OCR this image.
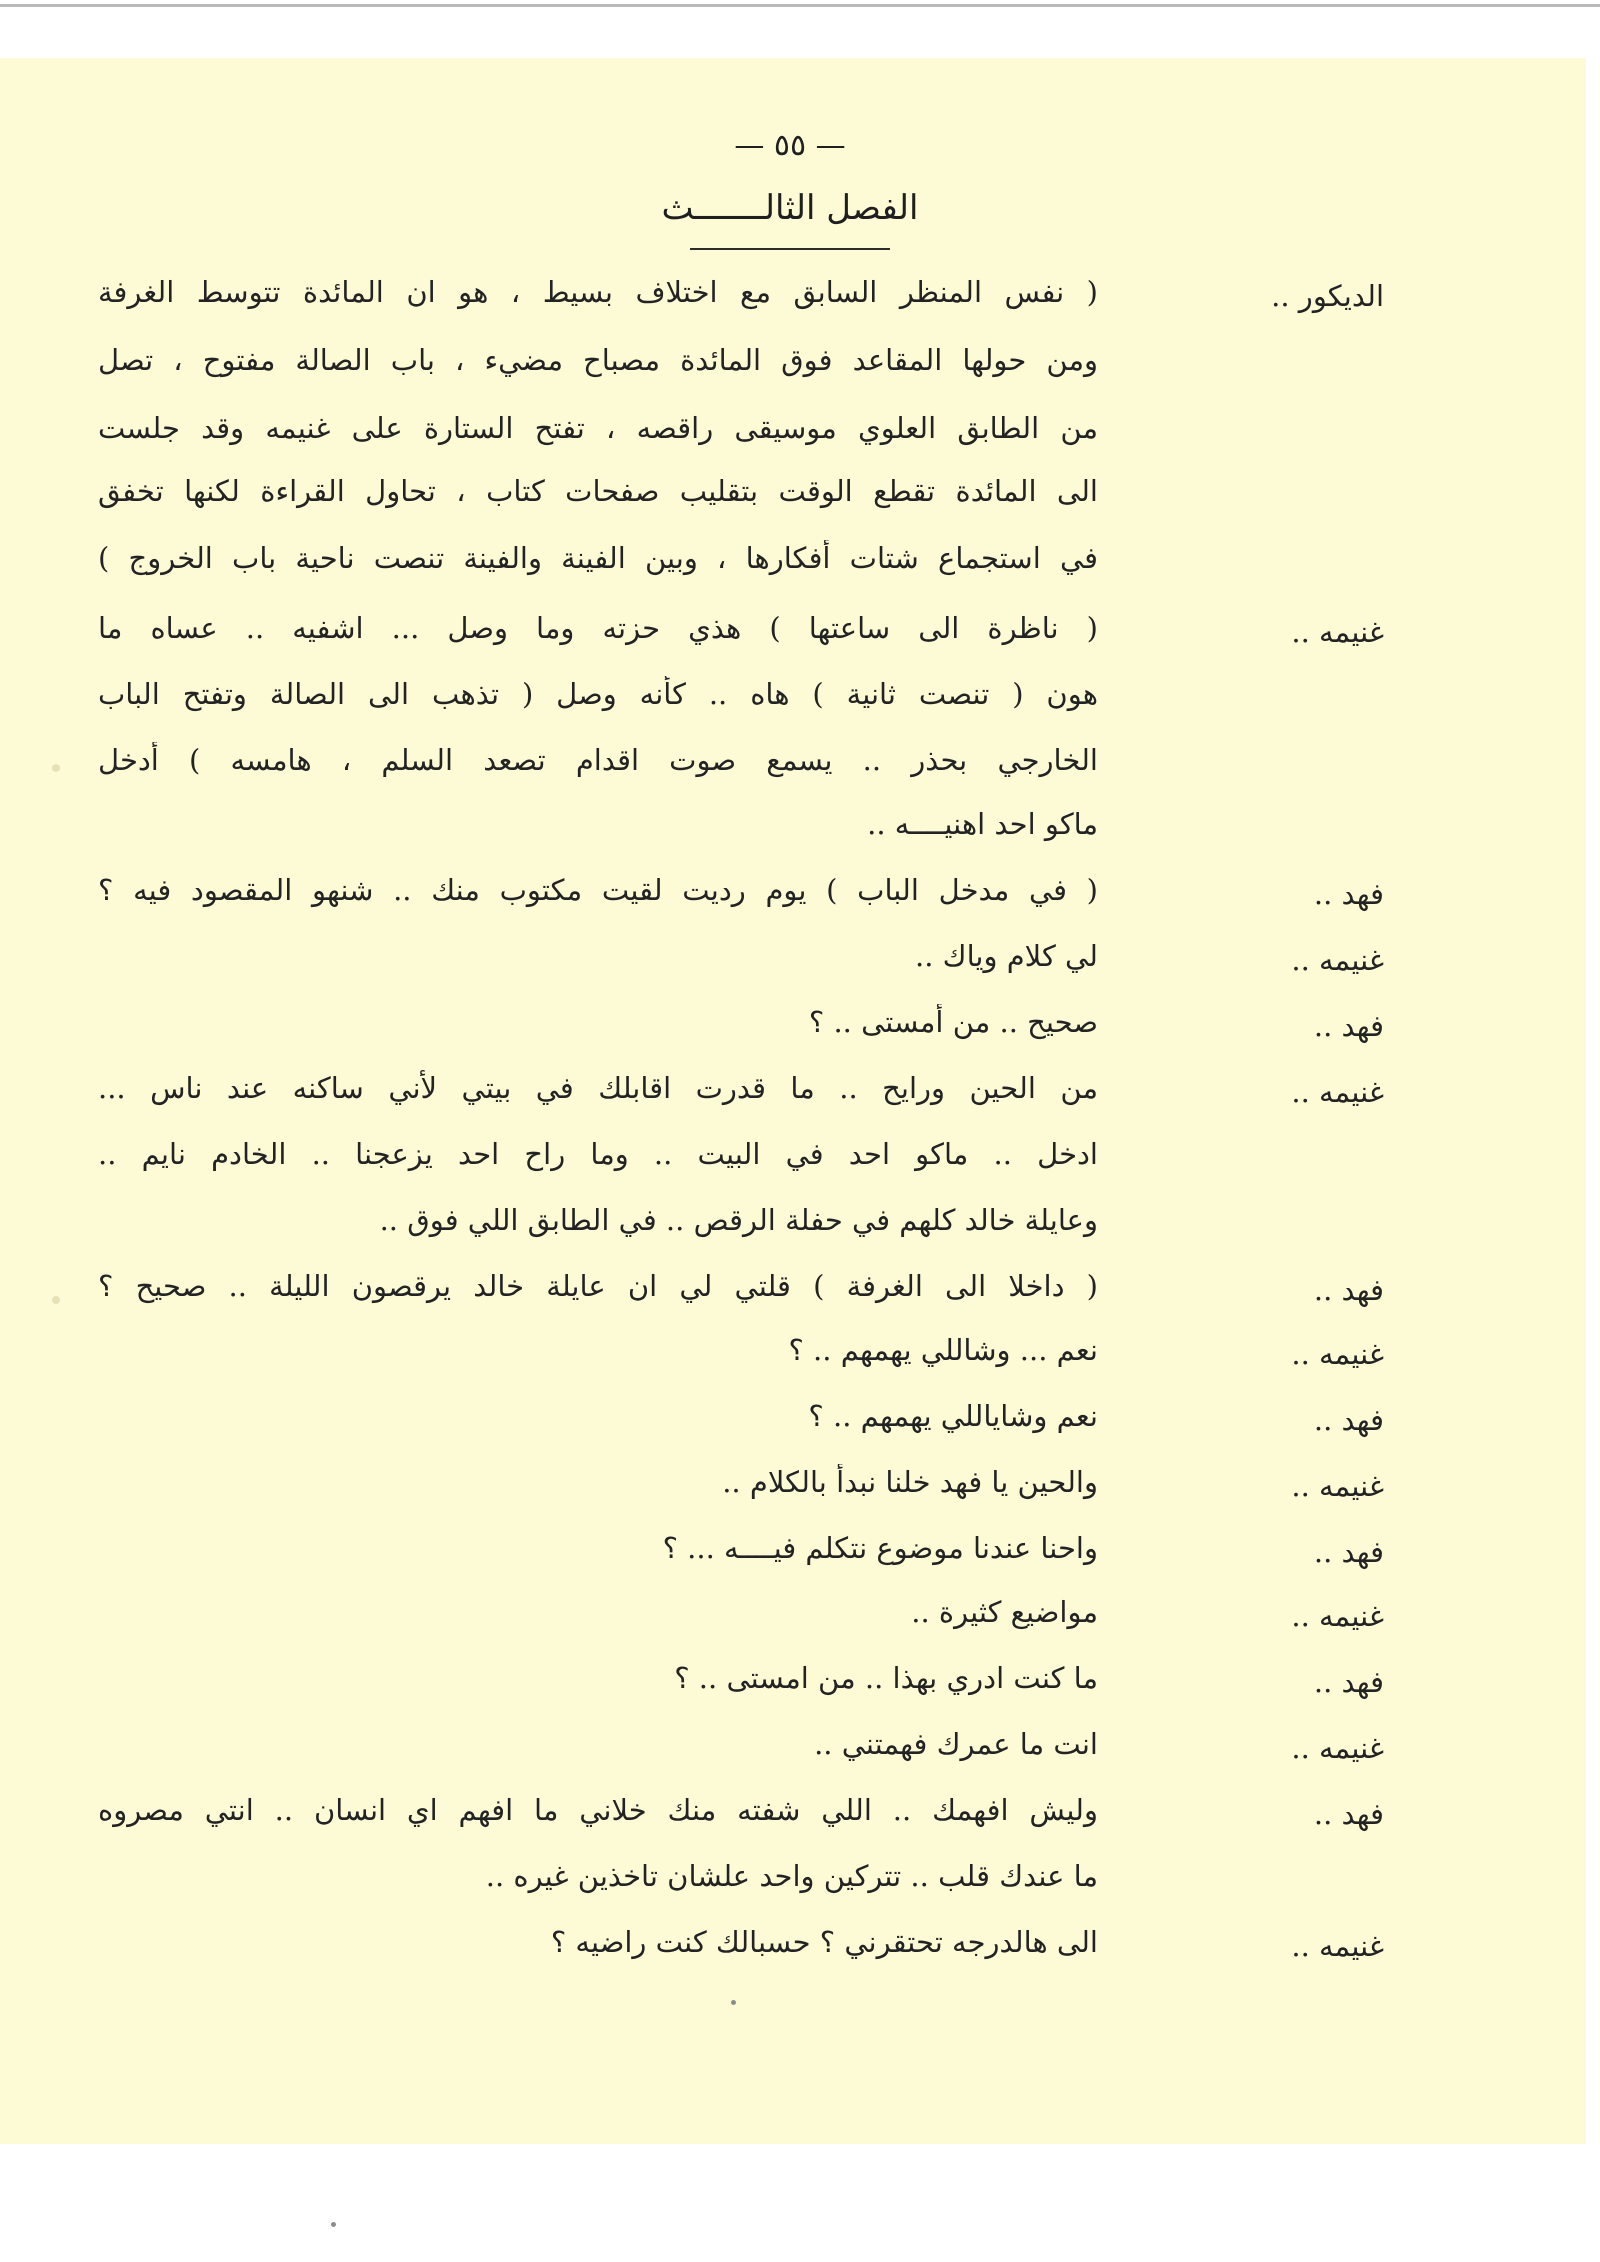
— ٥٥ —
الفصل الثالـــــــث
الديكور ..
( نفس المنظر السابق مع اختلاف بسيط ، هو ان المائدة تتوسط الغرفة
ومن حولها المقاعد فوق المائدة مصباح مضيء ، باب الصالة مفتوح ، تصل
من الطابق العلوي موسيقى راقصه ، تفتح الستارة على غنيمه وقد جلست
الى المائدة تقطع الوقت بتقليب صفحات كتاب ، تحاول القراءة لكنها تخفق
في استجماع شتات أفكارها ، وبين الفينة والفينة تنصت ناحية باب الخروج )
غنيمه ..
( ناظرة الى ساعتها ) هذي حزته وما وصل ... اشفيه .. عساه ما
هون ( تنصت ثانية ) هاه .. كأنه وصل ( تذهب الى الصالة وتفتح الباب
الخارجي بحذر .. يسمع صوت اقدام تصعد السلم ، هامسه ) أدخل
ماكو احد اهنيــــه ..
فهد ..
( في مدخل الباب ) يوم رديت لقيت مكتوب منك .. شنهو المقصود فيه ؟
غنيمه ..
لي كلام وياك ..
فهد ..
صحيح .. من أمستى .. ؟
غنيمه ..
من الحين ورايح .. ما قدرت اقابلك في بيتي لأني ساكنه عند ناس ...
ادخل .. ماكو احد في البيت .. وما راح احد يزعجنا .. الخادم نايم ..
وعايلة خالد كلهم في حفلة الرقص .. في الطابق اللي فوق ..
فهد ..
( داخلا الى الغرفة ) قلتي لي ان عايلة خالد يرقصون الليلة .. صحيح ؟
غنيمه ..
نعم ... وشاللي يهمهم .. ؟
فهد ..
نعم وشاياللي يهمهم .. ؟
غنيمه ..
والحين يا فهد خلنا نبدأ بالكلام ..
فهد ..
واحنا عندنا موضوع نتكلم فيــــه ... ؟
غنيمه ..
مواضيع كثيرة ..
فهد ..
ما كنت ادري بهذا .. من امستى .. ؟
غنيمه ..
انت ما عمرك فهمتني ..
فهد ..
وليش افهمك .. اللي شفته منك خلاني ما افهم اي انسان .. انتي مصروه
ما عندك قلب .. تتركين واحد علشان تاخذين غيره ..
غنيمه ..
الى هالدرجه تحتقرني ؟ حسبالك كنت راضيه ؟
